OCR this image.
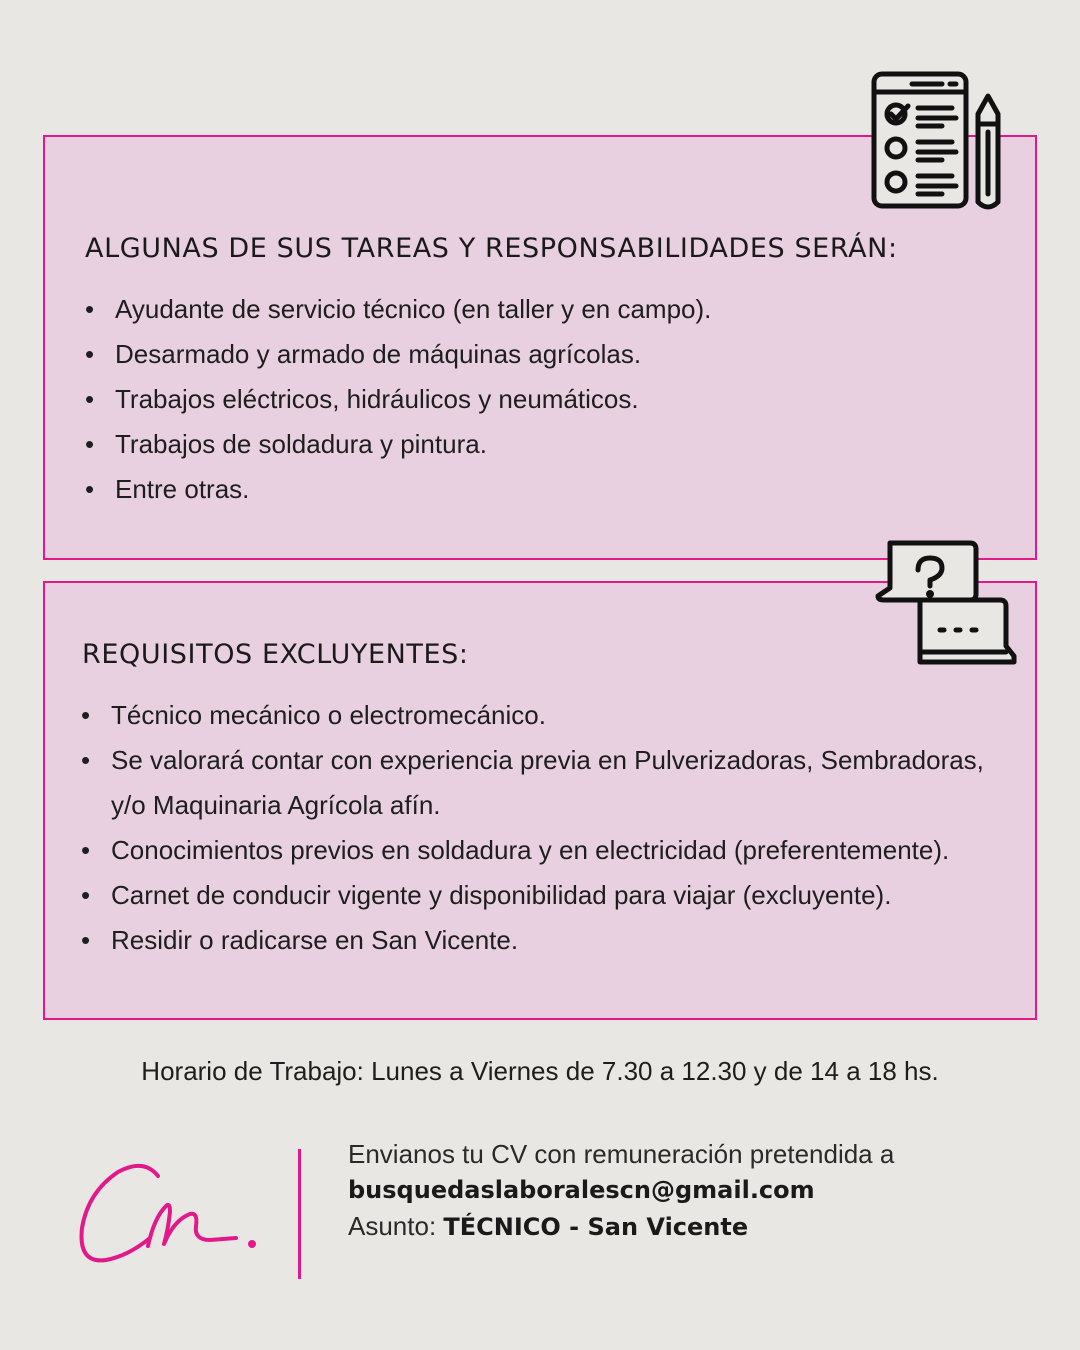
ALGUNAS DE SUS TAREAS Y RESPONSABILIDADES SERÁN:
• Ayudante de servicio técnico (en taller y en campo).
• Desarmado y armado de máquinas agrícolas.
• Trabajos eléctricos, hidráulicos y neumáticos.
• Trabajos de soldadura y pintura.
• Entre otras.
REQUISITOS EXCLUYENTES:
• Técnico mecánico o electromecánico.
• Se valorará contar con experiencia previa en Pulverizadoras, Sembradoras, y/o Maquinaria Agrícola afín.
• Conocimientos previos en soldadura y en electricidad (preferentemente).
• Carnet de conducir vigente y disponibilidad para viajar (excluyente).
• Residir o radicarse en San Vicente.

Horario de Trabajo: Lunes a Viernes de 7.30 a 12.30 y de 14 a 18 hs.

Envianos tu CV con remuneración pretendida a
busquedaslaboralescn@gmail.com
Asunto: TÉCNICO - San Vicente
